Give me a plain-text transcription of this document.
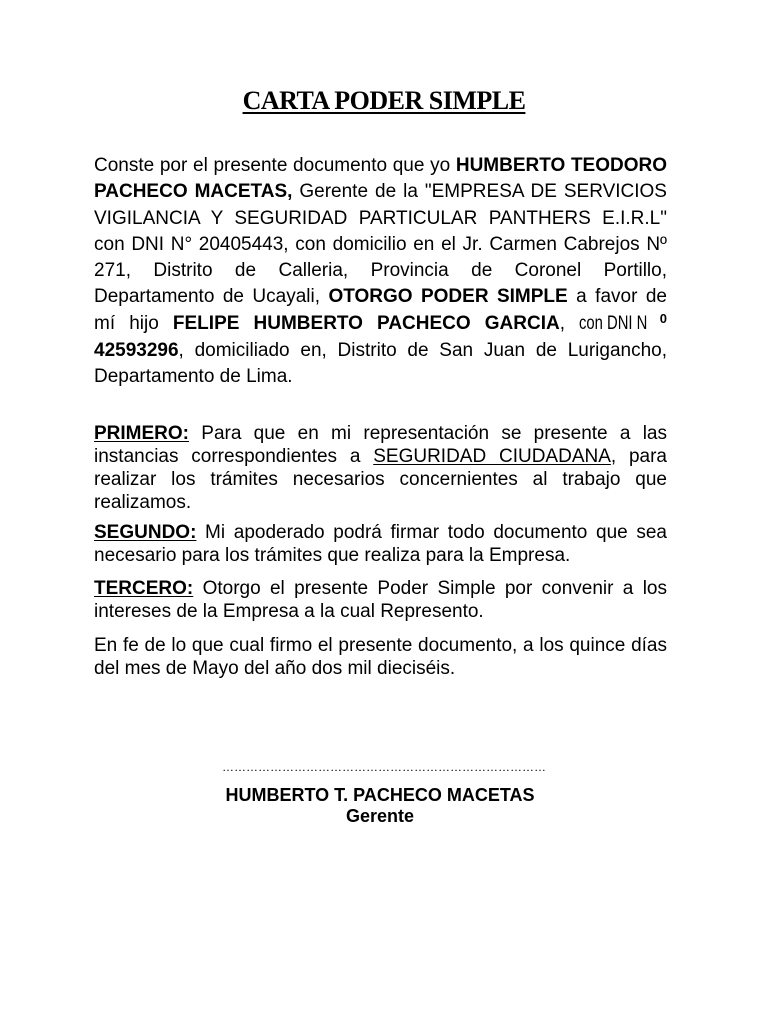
CARTA PODER SIMPLE

Conste por el presente documento que yo HUMBERTO TEODORO PACHECO MACETAS, Gerente de la "EMPRESA DE SERVICIOS VIGILANCIA Y SEGURIDAD PARTICULAR PANTHERS E.I.R.L" con DNI N° 20405443, con domicilio en el Jr. Carmen Cabrejos Nº 271, Distrito de Calleria, Provincia de Coronel Portillo, Departamento de Ucayali, OTORGO PODER SIMPLE a favor de mí hijo FELIPE HUMBERTO PACHECO GARCIA, con DNI N $^0$ 42593296, domiciliado en, Distrito de San Juan de Lurigancho, Departamento de Lima.

PRIMERO: Para que en mi representación se presente a las instancias correspondientes a SEGURIDAD CIUDADANA, para realizar los trámites necesarios concernientes al trabajo que realizamos.

SEGUNDO: Mi apoderado podrá firmar todo documento que sea necesario para los trámites que realiza para la Empresa.

TERCERO: Otorgo el presente Poder Simple por convenir a los intereses de la Empresa a la cual Represento.

En fe de lo que cual firmo el presente documento, a los quince días del mes de Mayo del año dos mil dieciséis.

………………………………………………………………………
HUMBERTO T. PACHECO MACETAS
Gerente
